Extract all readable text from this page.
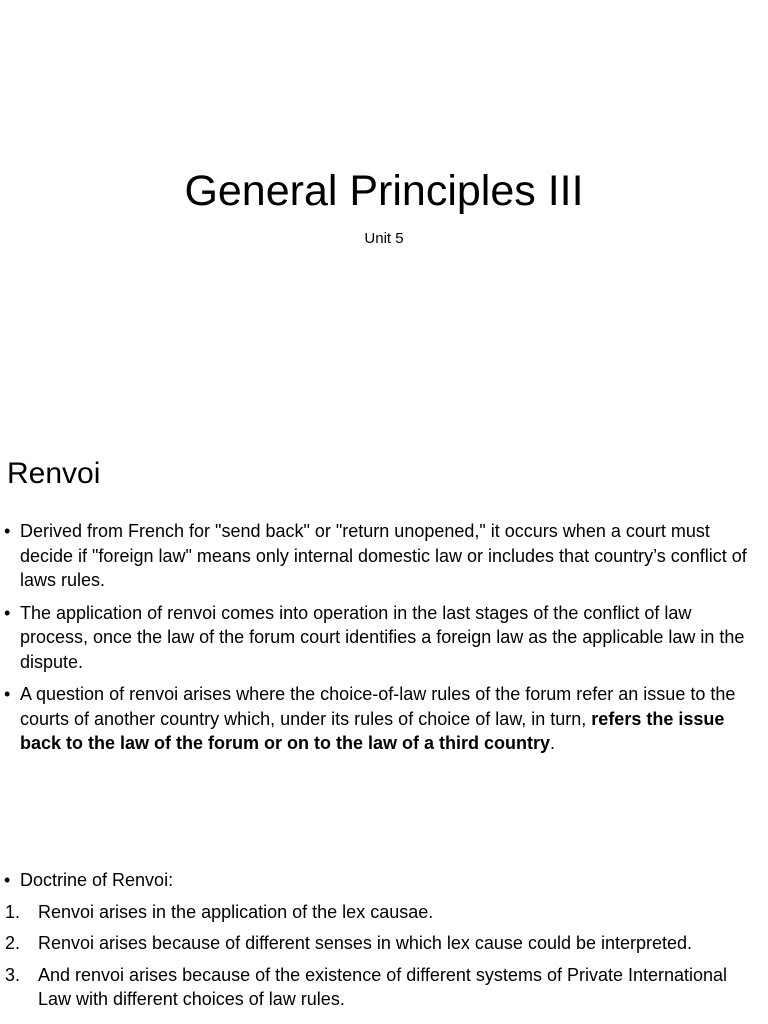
General Principles III
Unit 5
Renvoi
• Derived from French for "send back" or "return unopened," it occurs when a court must decide if "foreign law" means only internal domestic law or includes that country’s conflict of laws rules.
• The application of renvoi comes into operation in the last stages of the conflict of law process, once the law of the forum court identifies a foreign law as the applicable law in the dispute.
• A question of renvoi arises where the choice-of-law rules of the forum refer an issue to the courts of another country which, under its rules of choice of law, in turn, refers the issue back to the law of the forum or on to the law of a third country.
• Doctrine of Renvoi:
1. Renvoi arises in the application of the lex causae.
2. Renvoi arises because of different senses in which lex cause could be interpreted.
3. And renvoi arises because of the existence of different systems of Private International Law with different choices of law rules.
